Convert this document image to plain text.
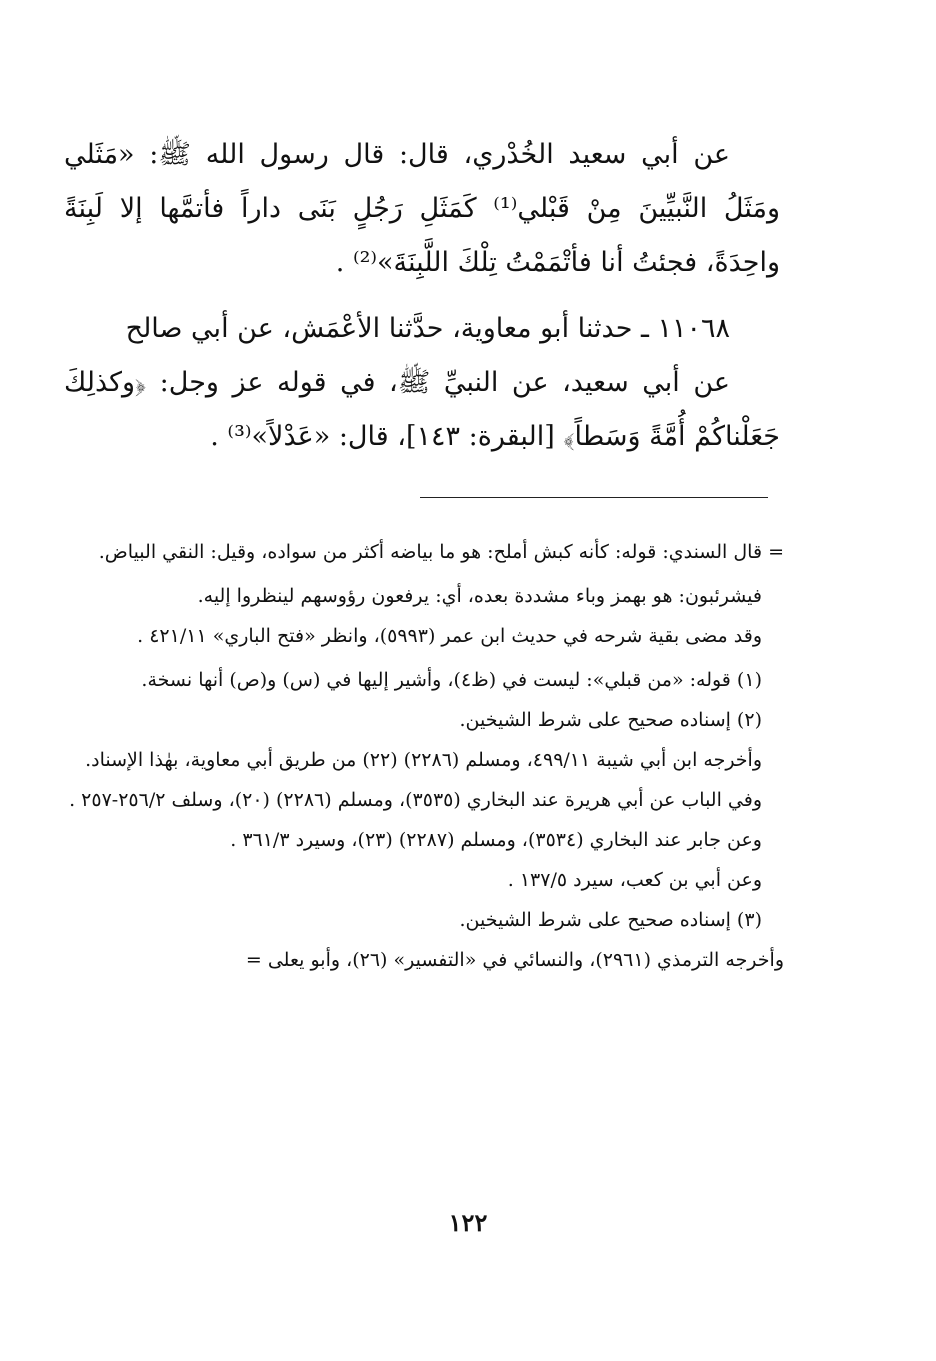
عن أبي سعيد الخُدْري، قال: قال رسول الله ﷺ: «مَثَلي ومَثَلُ النَّبيِّينَ مِنْ قَبْلي⁽¹⁾ كَمَثَلِ رَجُلٍ بَنَى داراً فأتمَّها إلا لَبِنَةً واحِدَةً، فجئتُ أنا فأتْمَمْتُ تِلْكَ اللَّبِنَةَ»⁽²⁾ .

١١٠٦٨ ـ حدثنا أبو معاوية، حدَّثنا الأعْمَش، عن أبي صالح

عن أبي سعيد، عن النبيِّ ﷺ، في قوله عز وجل: ﴿وكذلِكَ جَعَلْناكُمْ أُمَّةً وَسَطاً﴾ [البقرة: ١٤٣]، قال: «عَدْلاً»⁽³⁾ .

= قال السندي: قوله: كأنه كبش أملح: هو ما بياضه أكثر من سواده، وقيل: النقي البياض.

فيشرئبون: هو بهمز وباء مشددة بعده، أي: يرفعون رؤوسهم لينظروا إليه.

وقد مضى بقية شرحه في حديث ابن عمر (٥٩٩٣)، وانظر «فتح الباري» ٤٢١/١١ .

(١) قوله: «من قبلي»: ليست في (ظ٤)، وأشير إليها في (س) و(ص) أنها نسخة.

(٢) إسناده صحيح على شرط الشيخين.

وأخرجه ابن أبي شيبة ٤٩٩/١١، ومسلم (٢٢٨٦) (٢٢) من طريق أبي معاوية، بهٰذا الإسناد.

وفي الباب عن أبي هريرة عند البخاري (٣٥٣٥)، ومسلم (٢٢٨٦) (٢٠)، وسلف ٢٥٦/٢-٢٥٧ .

وعن جابر عند البخاري (٣٥٣٤)، ومسلم (٢٢٨٧) (٢٣)، وسيرد ٣٦١/٣ .

وعن أبي بن كعب، سيرد ١٣٧/٥ .

(٣) إسناده صحيح على شرط الشيخين.

وأخرجه الترمذي (٢٩٦١)، والنسائي في «التفسير» (٢٦)، وأبو يعلى =

١٢٢
